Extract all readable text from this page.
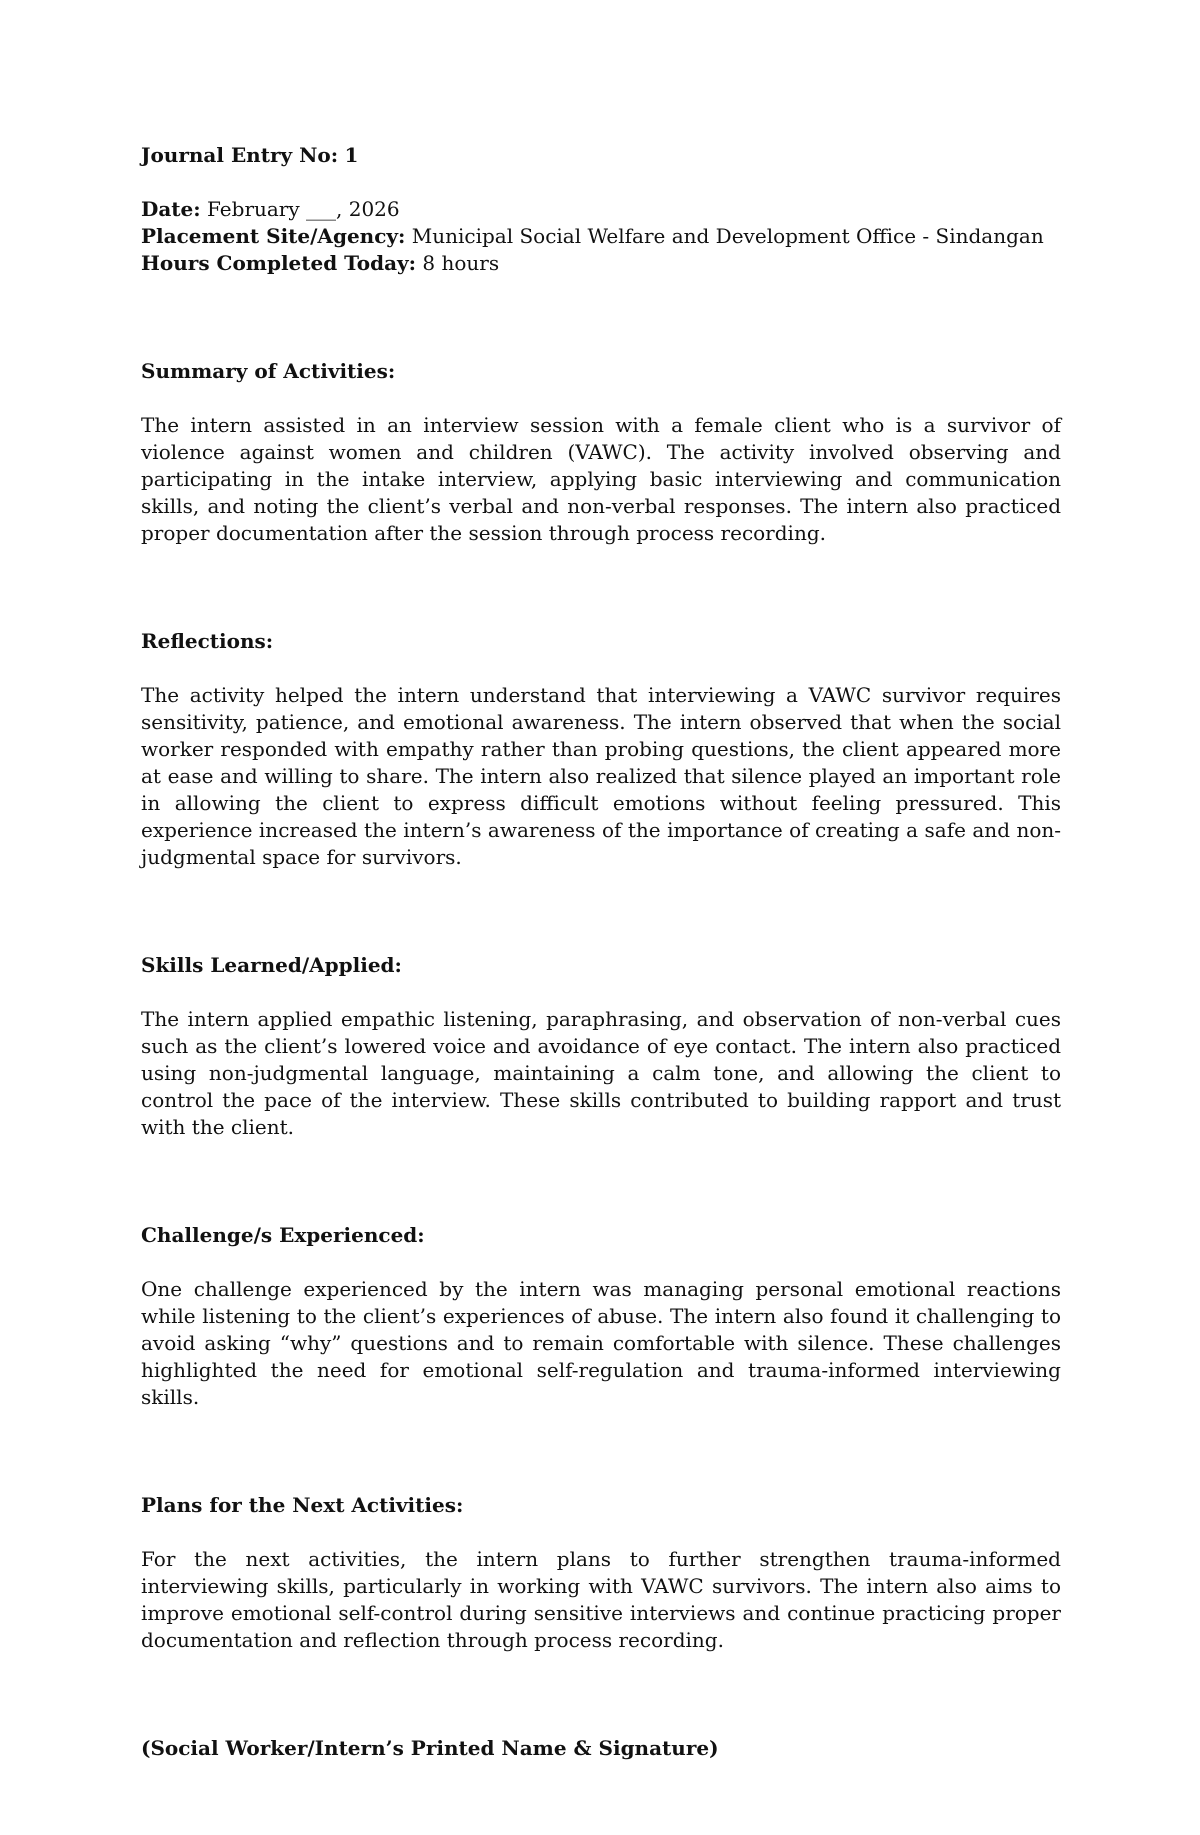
Journal Entry No: 1

Date: February ___, 2026

Placement Site/Agency: Municipal Social Welfare and Development Office - Sindangan

Hours Completed Today: 8 hours

Summary of Activities:

The intern assisted in an interview session with a female client who is a survivor of violence against women and children (VAWC). The activity involved observing and participating in the intake interview, applying basic interviewing and communication skills, and noting the client’s verbal and non-verbal responses. The intern also practiced proper documentation after the session through process recording.

Reflections:

The activity helped the intern understand that interviewing a VAWC survivor requires sensitivity, patience, and emotional awareness. The intern observed that when the social worker responded with empathy rather than probing questions, the client appeared more at ease and willing to share. The intern also realized that silence played an important role in allowing the client to express difficult emotions without feeling pressured. This experience increased the intern’s awareness of the importance of creating a safe and non-judgmental space for survivors.

Skills Learned/Applied:

The intern applied empathic listening, paraphrasing, and observation of non-verbal cues such as the client’s lowered voice and avoidance of eye contact. The intern also practiced using non-judgmental language, maintaining a calm tone, and allowing the client to control the pace of the interview. These skills contributed to building rapport and trust with the client.

Challenge/s Experienced:

One challenge experienced by the intern was managing personal emotional reactions while listening to the client’s experiences of abuse. The intern also found it challenging to avoid asking “why” questions and to remain comfortable with silence. These challenges highlighted the need for emotional self-regulation and trauma-informed interviewing skills.

Plans for the Next Activities:

For the next activities, the intern plans to further strengthen trauma-informed interviewing skills, particularly in working with VAWC survivors. The intern also aims to improve emotional self-control during sensitive interviews and continue practicing proper documentation and reflection through process recording.

(Social Worker/Intern’s Printed Name & Signature)
